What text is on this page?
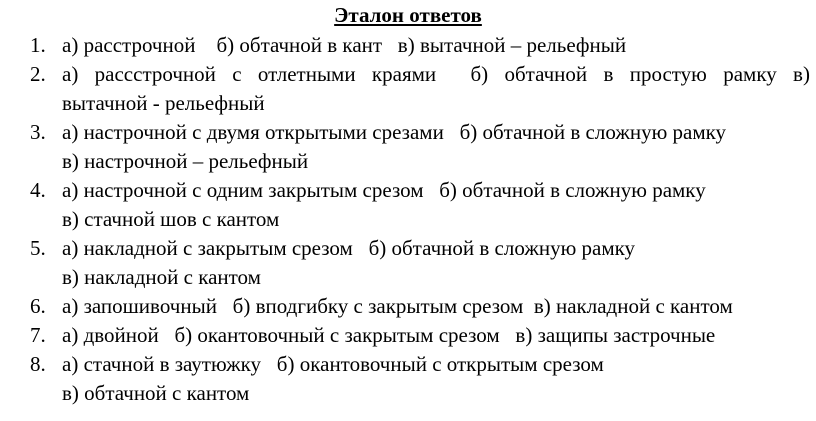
Эталон ответов
1. а) расстрочной    б) обтачной в кант   в) вытачной – рельефный
2. а) рассстрочной с отлетными краями б) обтачной в простую рамку в)
вытачной - рельефный
3. а) настрочной с двумя открытыми срезами   б) обтачной в сложную рамку
в) настрочной – рельефный
4. а) настрочной с одним закрытым срезом   б) обтачной в сложную рамку
в) стачной шов с кантом
5. а) накладной с закрытым срезом   б) обтачной в сложную рамку
в) накладной с кантом
6. а) запошивочный   б) вподгибку с закрытым срезом  в) накладной с кантом
7. а) двойной   б) окантовочный с закрытым срезом   в) защипы застрочные
8. а) стачной в заутюжку   б) окантовочный с открытым срезом
в) обтачной с кантом
